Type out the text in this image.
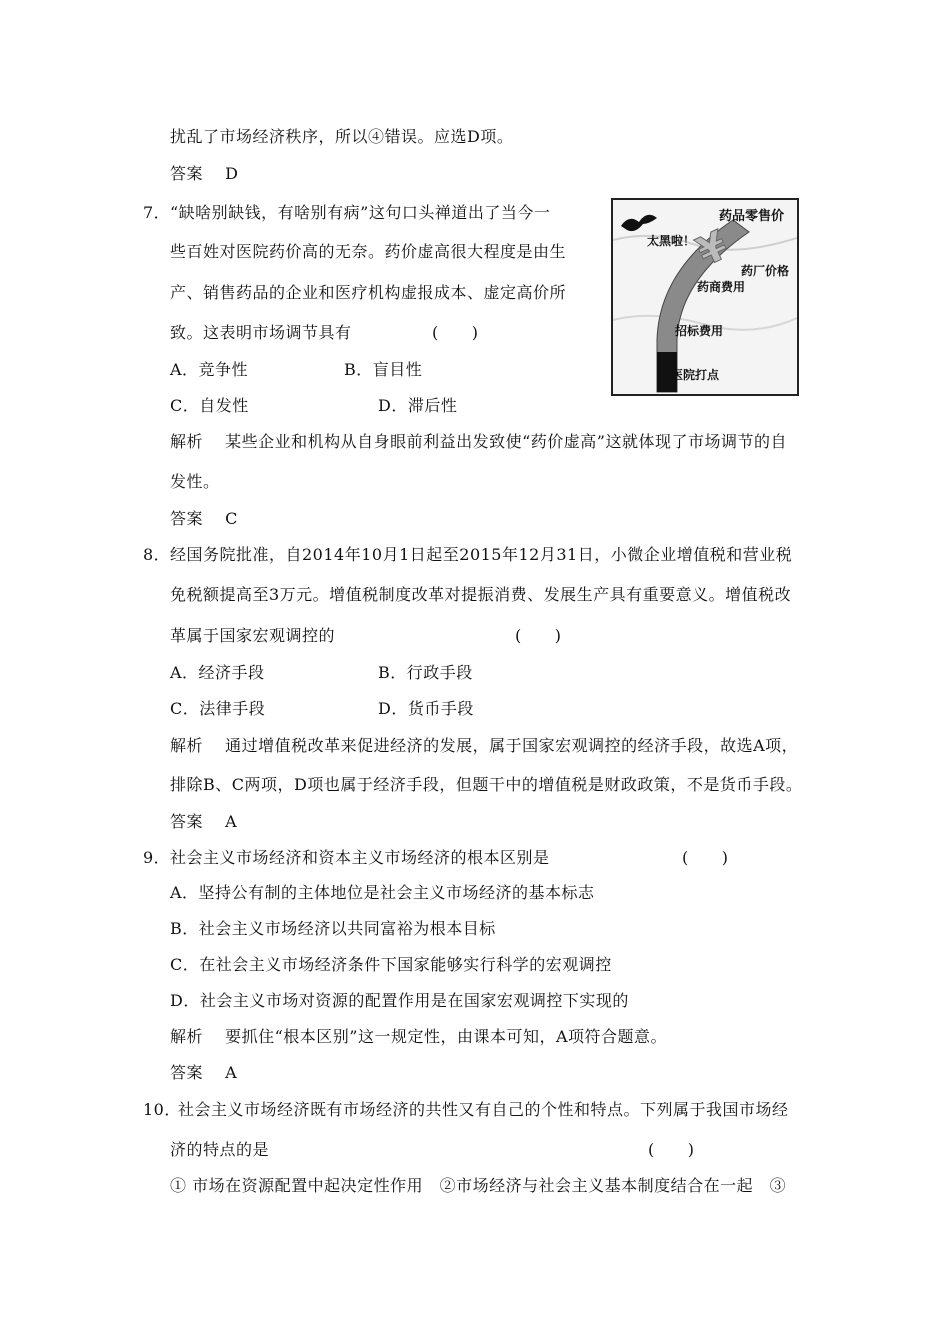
扰乱了市场经济秩序，所以④错误。应选D项。
答案　 D
7． “缺啥别缺钱，有啥别有病”这句口头禅道出了当今一
些百姓对医院药价高的无奈。药价虚高很大程度是由生
产、销售药品的企业和医疗机构虚报成本、虚定高价所
致。这表明市场调节具有	(　　)
A．竞争性	B．盲目性
C．自发性	D．滞后性
¥
药品零售价
太黑啦！
药厂价格
药商费用
招标费用
医院打点
解析　 某些企业和机构从自身眼前利益出发致使“药价虚高”这就体现了市场调节的自
发性。
答案　 C
8． 经国务院批准，自2014年10月1日起至2015年12月31日，小微企业增值税和营业税
免税额提高至3万元。增值税制度改革对提振消费、发展生产具有重要意义。增值税改
革属于国家宏观调控的	(　　)
A．经济手段	B．行政手段
C．法律手段	D．货币手段
解析　 通过增值税改革来促进经济的发展，属于国家宏观调控的经济手段，故选A项，
排除B、C两项，D项也属于经济手段，但题干中的增值税是财政政策，不是货币手段。
答案　 A
9． 社会主义市场经济和资本主义市场经济的根本区别是	(　　)
A．坚持公有制的主体地位是社会主义市场经济的基本标志
B．社会主义市场经济以共同富裕为根本目标
C．在社会主义市场经济条件下国家能够实行科学的宏观调控
D．社会主义市场对资源的配置作用是在国家宏观调控下实现的
解析　 要抓住“根本区别”这一规定性，由课本可知，A项符合题意。
答案　 A
10．
社会主义市场经济既有市场经济的共性又有自己的个性和特点。下列属于我国市场经
济的特点的是	(　　)
① 市场在资源配置中起决定性作用　②市场经济与社会主义基本制度结合在一起　③
